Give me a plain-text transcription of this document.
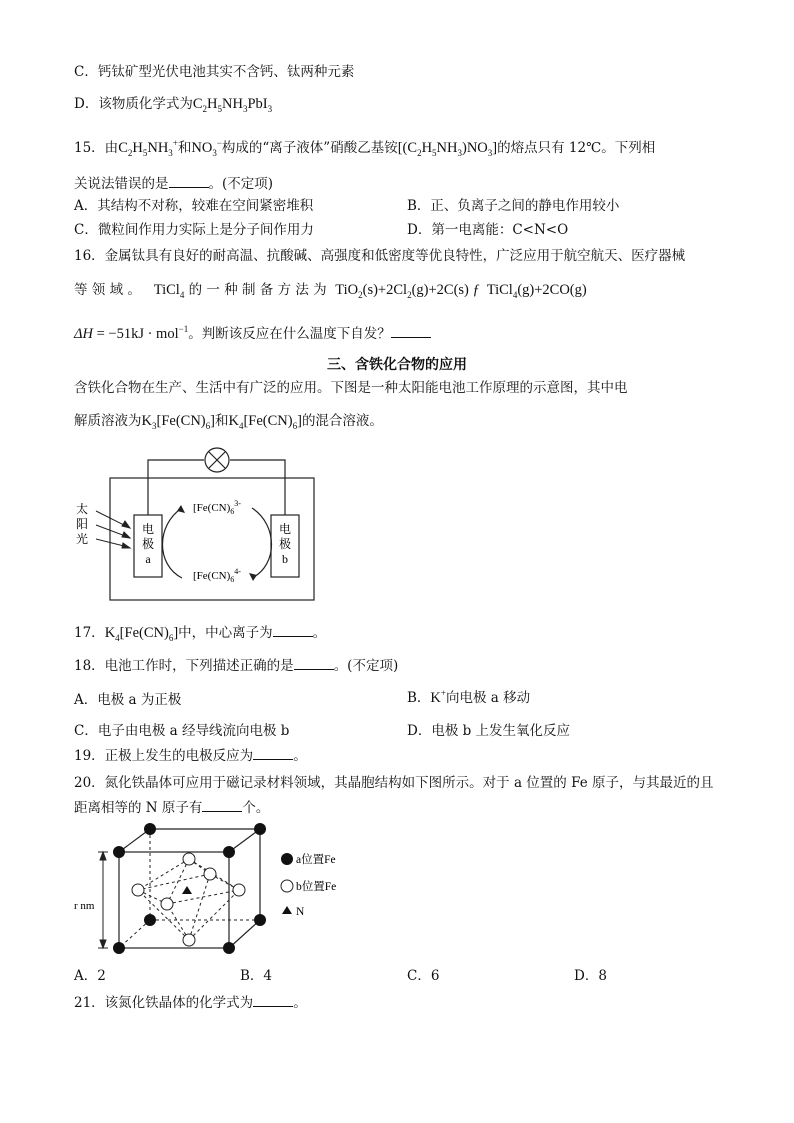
C．钙钛矿型光伏电池其实不含钙、钛两种元素
D．该物质化学式为$C_2H_5NH_3PbI_3$
15．由$C_2H_5NH_3^+$和$NO_3^-$构成的“离子液体”硝酸乙基铵$[(C_2H_5NH_3)NO_3]$的熔点只有 12℃。下列相
关说法错误的是	。(不定项)
A．其结构不对称，较难在空间紧密堆积	B．正、负离子之间的静电作用较小
C．微粒间作用力实际上是分子间作用力	D．第一电离能：C<N<O
16．金属钛具有良好的耐高温、抗酸碱、高强度和低密度等优良特性，广泛应用于航空航天、医疗器械
等 领 域 。 TiCl$_4$ 的 一 种 制 备 方 法 为 $TiO_2(s)+2Cl_2(g)+2C(s)$ ƒ  TiCl$_4$(g)+2CO(g)
ΔH = −51kJ · mol$^{-1}$。判断该反应在什么温度下自发？
三、含铁化合物的应用
含铁化合物在生产、生活中有广泛的应用。下图是一种太阳能电池工作原理的示意图，其中电
解质溶液为$K_3[Fe(CN)_6]$和$K_4[Fe(CN)_6]$的混合溶液。
电
极
a
电
极
b
太
阳
光
[$Fe(CN)_6^{3-}$
[$Fe(CN)_6^{4-}$
17．$K_4[Fe(CN)_6]$中，中心离子为	。
18．电池工作时，下列描述正确的是	。(不定项)
A．电极 a 为正极	B．K+向电极 a 移动
C．电子由电极 a 经导线流向电极 b	D．电极 b 上发生氧化反应
19．正极上发生的电极反应为	。
20．氮化铁晶体可应用于磁记录材料领域，其晶胞结构如下图所示。对于 a 位置的 Fe 原子，与其最近的且
距离相等的 N 原子有	个。
r nm
a位置Fe
b位置Fe
N
A．2	B．4	C．6	D．8
21．该氮化铁晶体的化学式为	。
